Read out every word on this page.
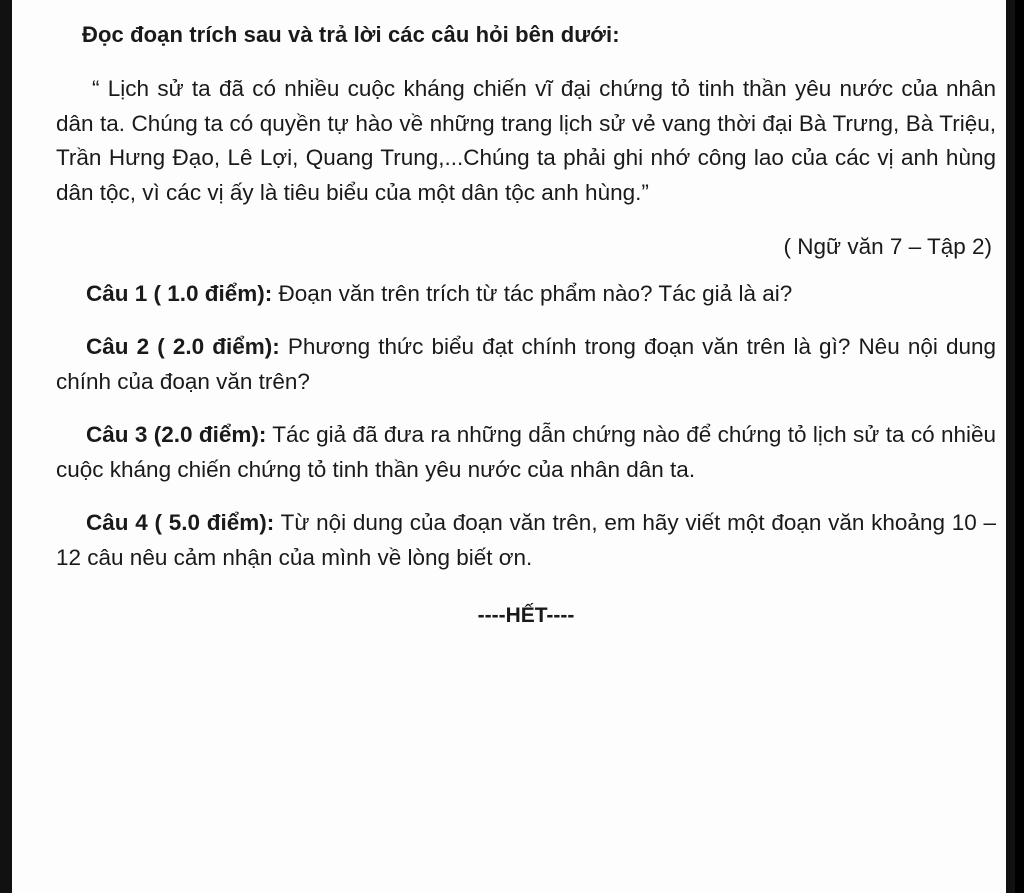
Đọc đoạn trích sau và trả lời các câu hỏi bên dưới:
“ Lịch sử ta đã có nhiều cuộc kháng chiến vĩ đại chứng tỏ tinh thần yêu nước của nhân dân ta. Chúng ta có quyền tự hào về những trang lịch sử vẻ vang thời đại Bà Trưng, Bà Triệu, Trần Hưng Đạo, Lê Lợi, Quang Trung,...Chúng ta phải ghi nhớ công lao của các vị anh hùng dân tộc, vì các vị ấy là tiêu biểu của một dân tộc anh hùng.”
( Ngữ văn 7 – Tập 2)
Câu 1 ( 1.0 điểm): Đoạn văn trên trích từ tác phẩm nào? Tác giả là ai?
Câu 2 ( 2.0 điểm): Phương thức biểu đạt chính trong đoạn văn trên là gì? Nêu nội dung chính của đoạn văn trên?
Câu 3 (2.0 điểm): Tác giả đã đưa ra những dẫn chứng nào để chứng tỏ lịch sử ta có nhiều cuộc kháng chiến chứng tỏ tinh thần yêu nước của nhân dân ta.
Câu 4 ( 5.0 điểm): Từ nội dung của đoạn văn trên, em hãy viết một đoạn văn khoảng 10 – 12 câu nêu cảm nhận của mình về lòng biết ơn.
----HẾT----
